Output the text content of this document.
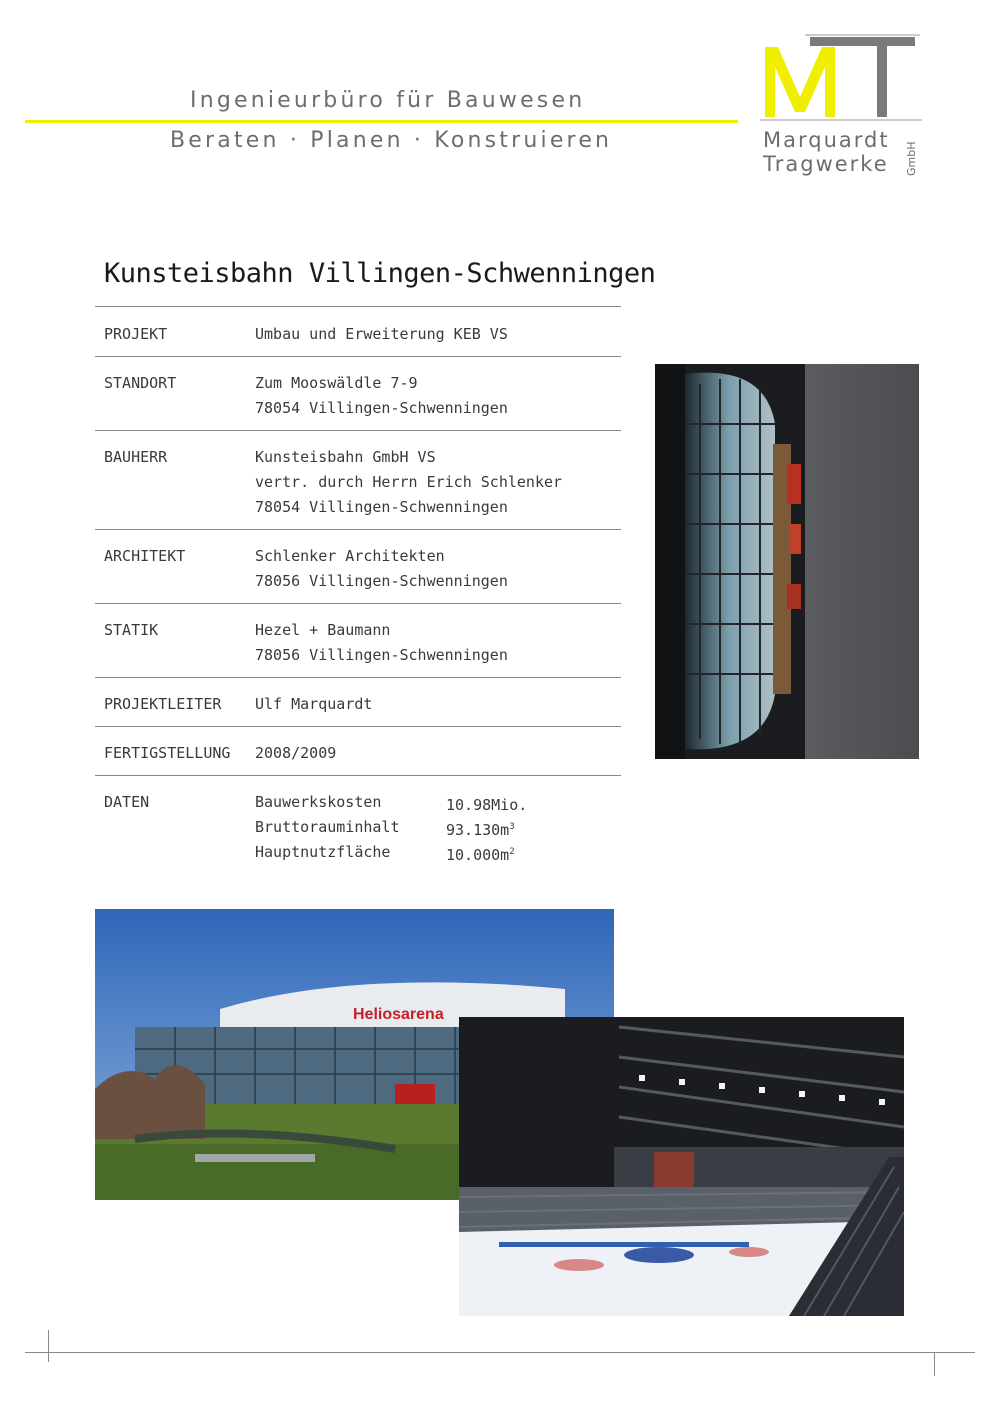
Ingenieurbüro für Bauwesen
Beraten · Planen · Konstruieren	Marquardt
Tragwerke GmbH
Kunsteisbahn Villingen-Schwenningen
PROJEKT	Umbau und Erweiterung KEB VS
STANDORT	Zum Mooswäldle 7-9
78054 Villingen-Schwenningen
BAUHERR	Kunsteisbahn GmbH VS
vertr. durch Herrn Erich Schlenker
78054 Villingen-Schwenningen
ARCHITEKT	Schlenker Architekten
78056 Villingen-Schwenningen
STATIK	Hezel + Baumann
78056 Villingen-Schwenningen
PROJEKTLEITER Ulf Marquardt
FERTIGSTELLUNG 2008/2009
DATEN	Bauwerkskosten	10.98Mio.
Bruttorauminhalt	$93.130m^3$
Hauptnutzfläche	$10.000m^2$
Heliosarena
